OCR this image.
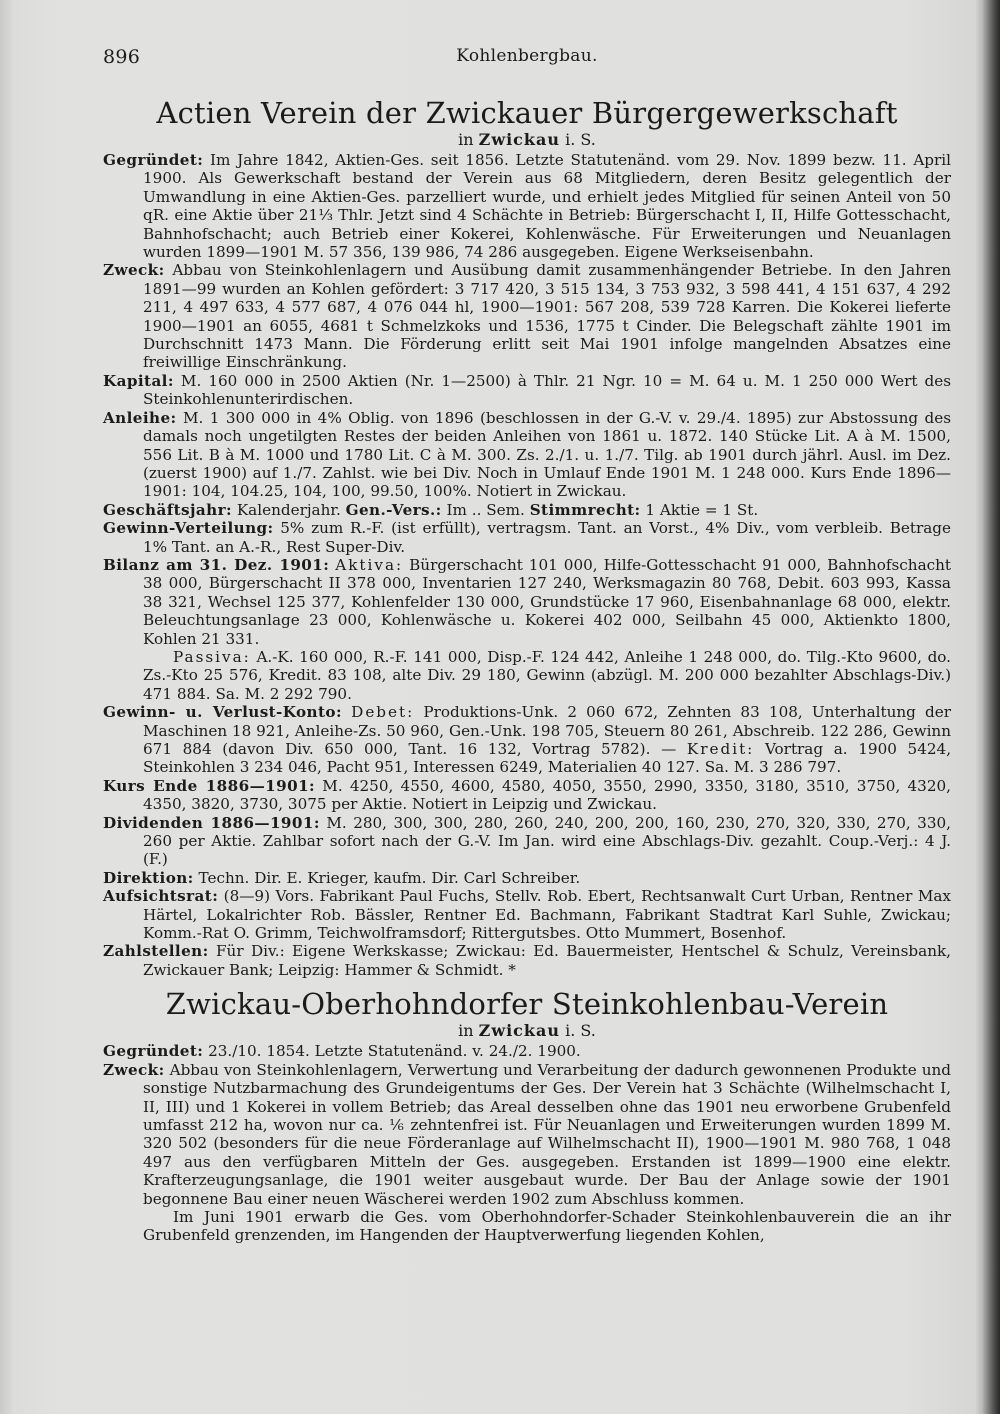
896	Kohlenbergbau.
Actien Verein der Zwickauer Bürgergewerkschaft

in Zwickau i. S.

Gegründet: Im Jahre 1842, Aktien-Ges. seit 1856. Letzte Statutenänd. vom 29. Nov. 1899 bezw. 11. April 1900. Als Gewerkschaft bestand der Verein aus 68 Mitgliedern, deren Besitz gelegentlich der Umwandlung in eine Aktien-Ges. parzelliert wurde, und erhielt jedes Mitglied für seinen Anteil von 50 qR. eine Aktie über 21⅓ Thlr. Jetzt sind 4 Schächte in Betrieb: Bürgerschacht I, II, Hilfe Gottesschacht, Bahnhofschacht; auch Betrieb einer Kokerei, Kohlenwäsche. Für Erweiterungen und Neuanlagen wurden 1899—1901 M. 57 356, 139 986, 74 286 ausgegeben. Eigene Werkseisenbahn.

Zweck: Abbau von Steinkohlenlagern und Ausübung damit zusammenhängender Betriebe. In den Jahren 1891—99 wurden an Kohlen gefördert: 3 717 420, 3 515 134, 3 753 932, 3 598 441, 4 151 637, 4 292 211, 4 497 633, 4 577 687, 4 076 044 hl, 1900—1901: 567 208, 539 728 Karren. Die Kokerei lieferte 1900—1901 an 6055, 4681 t Schmelzkoks und 1536, 1775 t Cinder. Die Belegschaft zählte 1901 im Durchschnitt 1473 Mann. Die Förderung erlitt seit Mai 1901 infolge mangelnden Absatzes eine freiwillige Einschränkung.

Kapital: M. 160 000 in 2500 Aktien (Nr. 1—2500) à Thlr. 21 Ngr. 10 = M. 64 u. M. 1 250 000 Wert des Steinkohlenunterirdischen.

Anleihe: M. 1 300 000 in 4% Oblig. von 1896 (beschlossen in der G.-V. v. 29./4. 1895) zur Abstossung des damals noch ungetilgten Restes der beiden Anleihen von 1861 u. 1872. 140 Stücke Lit. A à M. 1500, 556 Lit. B à M. 1000 und 1780 Lit. C à M. 300. Zs. 2./1. u. 1./7. Tilg. ab 1901 durch jährl. Ausl. im Dez. (zuerst 1900) auf 1./7. Zahlst. wie bei Div. Noch in Umlauf Ende 1901 M. 1 248 000. Kurs Ende 1896—1901: 104, 104.25, 104, 100, 99.50, 100%. Notiert in Zwickau.

Geschäftsjahr: Kalenderjahr. Gen.-Vers.: Im .. Sem. Stimmrecht: 1 Aktie = 1 St.

Gewinn-Verteilung: 5% zum R.-F. (ist erfüllt), vertragsm. Tant. an Vorst., 4% Div., vom verbleib. Betrage 1% Tant. an A.-R., Rest Super-Div.

Bilanz am 31. Dez. 1901: Aktiva: Bürgerschacht 101 000, Hilfe-Gottesschacht 91 000, Bahnhofschacht 38 000, Bürgerschacht II 378 000, Inventarien 127 240, Werksmagazin 80 768, Debit. 603 993, Kassa 38 321, Wechsel 125 377, Kohlenfelder 130 000, Grundstücke 17 960, Eisenbahnanlage 68 000, elektr. Beleuchtungsanlage 23 000, Kohlenwäsche u. Kokerei 402 000, Seilbahn 45 000, Aktienkto 1800, Kohlen 21 331.

Passiva: A.-K. 160 000, R.-F. 141 000, Disp.-F. 124 442, Anleihe 1 248 000, do. Tilg.-Kto 9600, do. Zs.-Kto 25 576, Kredit. 83 108, alte Div. 29 180, Gewinn (abzügl. M. 200 000 bezahlter Abschlags-Div.) 471 884. Sa. M. 2 292 790.

Gewinn- u. Verlust-Konto: Debet: Produktions-Unk. 2 060 672, Zehnten 83 108, Unterhaltung der Maschinen 18 921, Anleihe-Zs. 50 960, Gen.-Unk. 198 705, Steuern 80 261, Abschreib. 122 286, Gewinn 671 884 (davon Div. 650 000, Tant. 16 132, Vortrag 5782). — Kredit: Vortrag a. 1900 5424, Steinkohlen 3 234 046, Pacht 951, Interessen 6249, Materialien 40 127. Sa. M. 3 286 797.

Kurs Ende 1886—1901: M. 4250, 4550, 4600, 4580, 4050, 3550, 2990, 3350, 3180, 3510, 3750, 4320, 4350, 3820, 3730, 3075 per Aktie. Notiert in Leipzig und Zwickau.

Dividenden 1886—1901: M. 280, 300, 300, 280, 260, 240, 200, 200, 160, 230, 270, 320, 330, 270, 330, 260 per Aktie. Zahlbar sofort nach der G.-V. Im Jan. wird eine Abschlags-Div. gezahlt. Coup.-Verj.: 4 J. (F.)

Direktion: Techn. Dir. E. Krieger, kaufm. Dir. Carl Schreiber.

Aufsichtsrat: (8—9) Vors. Fabrikant Paul Fuchs, Stellv. Rob. Ebert, Rechtsanwalt Curt Urban, Rentner Max Härtel, Lokalrichter Rob. Bässler, Rentner Ed. Bachmann, Fabrikant Stadtrat Karl Suhle, Zwickau; Komm.-Rat O. Grimm, Teichwolframsdorf; Rittergutsbes. Otto Mummert, Bosenhof.

Zahlstellen: Für Div.: Eigene Werkskasse; Zwickau: Ed. Bauermeister, Hentschel & Schulz, Vereinsbank, Zwickauer Bank; Leipzig: Hammer & Schmidt. *

Zwickau-Oberhohndorfer Steinkohlenbau-Verein

in Zwickau i. S.

Gegründet: 23./10. 1854. Letzte Statutenänd. v. 24./2. 1900.

Zweck: Abbau von Steinkohlenlagern, Verwertung und Verarbeitung der dadurch gewonnenen Produkte und sonstige Nutzbarmachung des Grundeigentums der Ges. Der Verein hat 3 Schächte (Wilhelmschacht I, II, III) und 1 Kokerei in vollem Betrieb; das Areal desselben ohne das 1901 neu erworbene Grubenfeld umfasst 212 ha, wovon nur ca. ⅙ zehntenfrei ist. Für Neuanlagen und Erweiterungen wurden 1899 M. 320 502 (besonders für die neue Förderanlage auf Wilhelmschacht II), 1900—1901 M. 980 768, 1 048 497 aus den verfügbaren Mitteln der Ges. ausgegeben. Erstanden ist 1899—1900 eine elektr. Krafterzeugungsanlage, die 1901 weiter ausgebaut wurde. Der Bau der Anlage sowie der 1901 begonnene Bau einer neuen Wäscherei werden 1902 zum Abschluss kommen.

Im Juni 1901 erwarb die Ges. vom Oberhohndorfer-Schader Steinkohlenbauverein die an ihr Grubenfeld grenzenden, im Hangenden der Hauptverwerfung liegenden Kohlen,
